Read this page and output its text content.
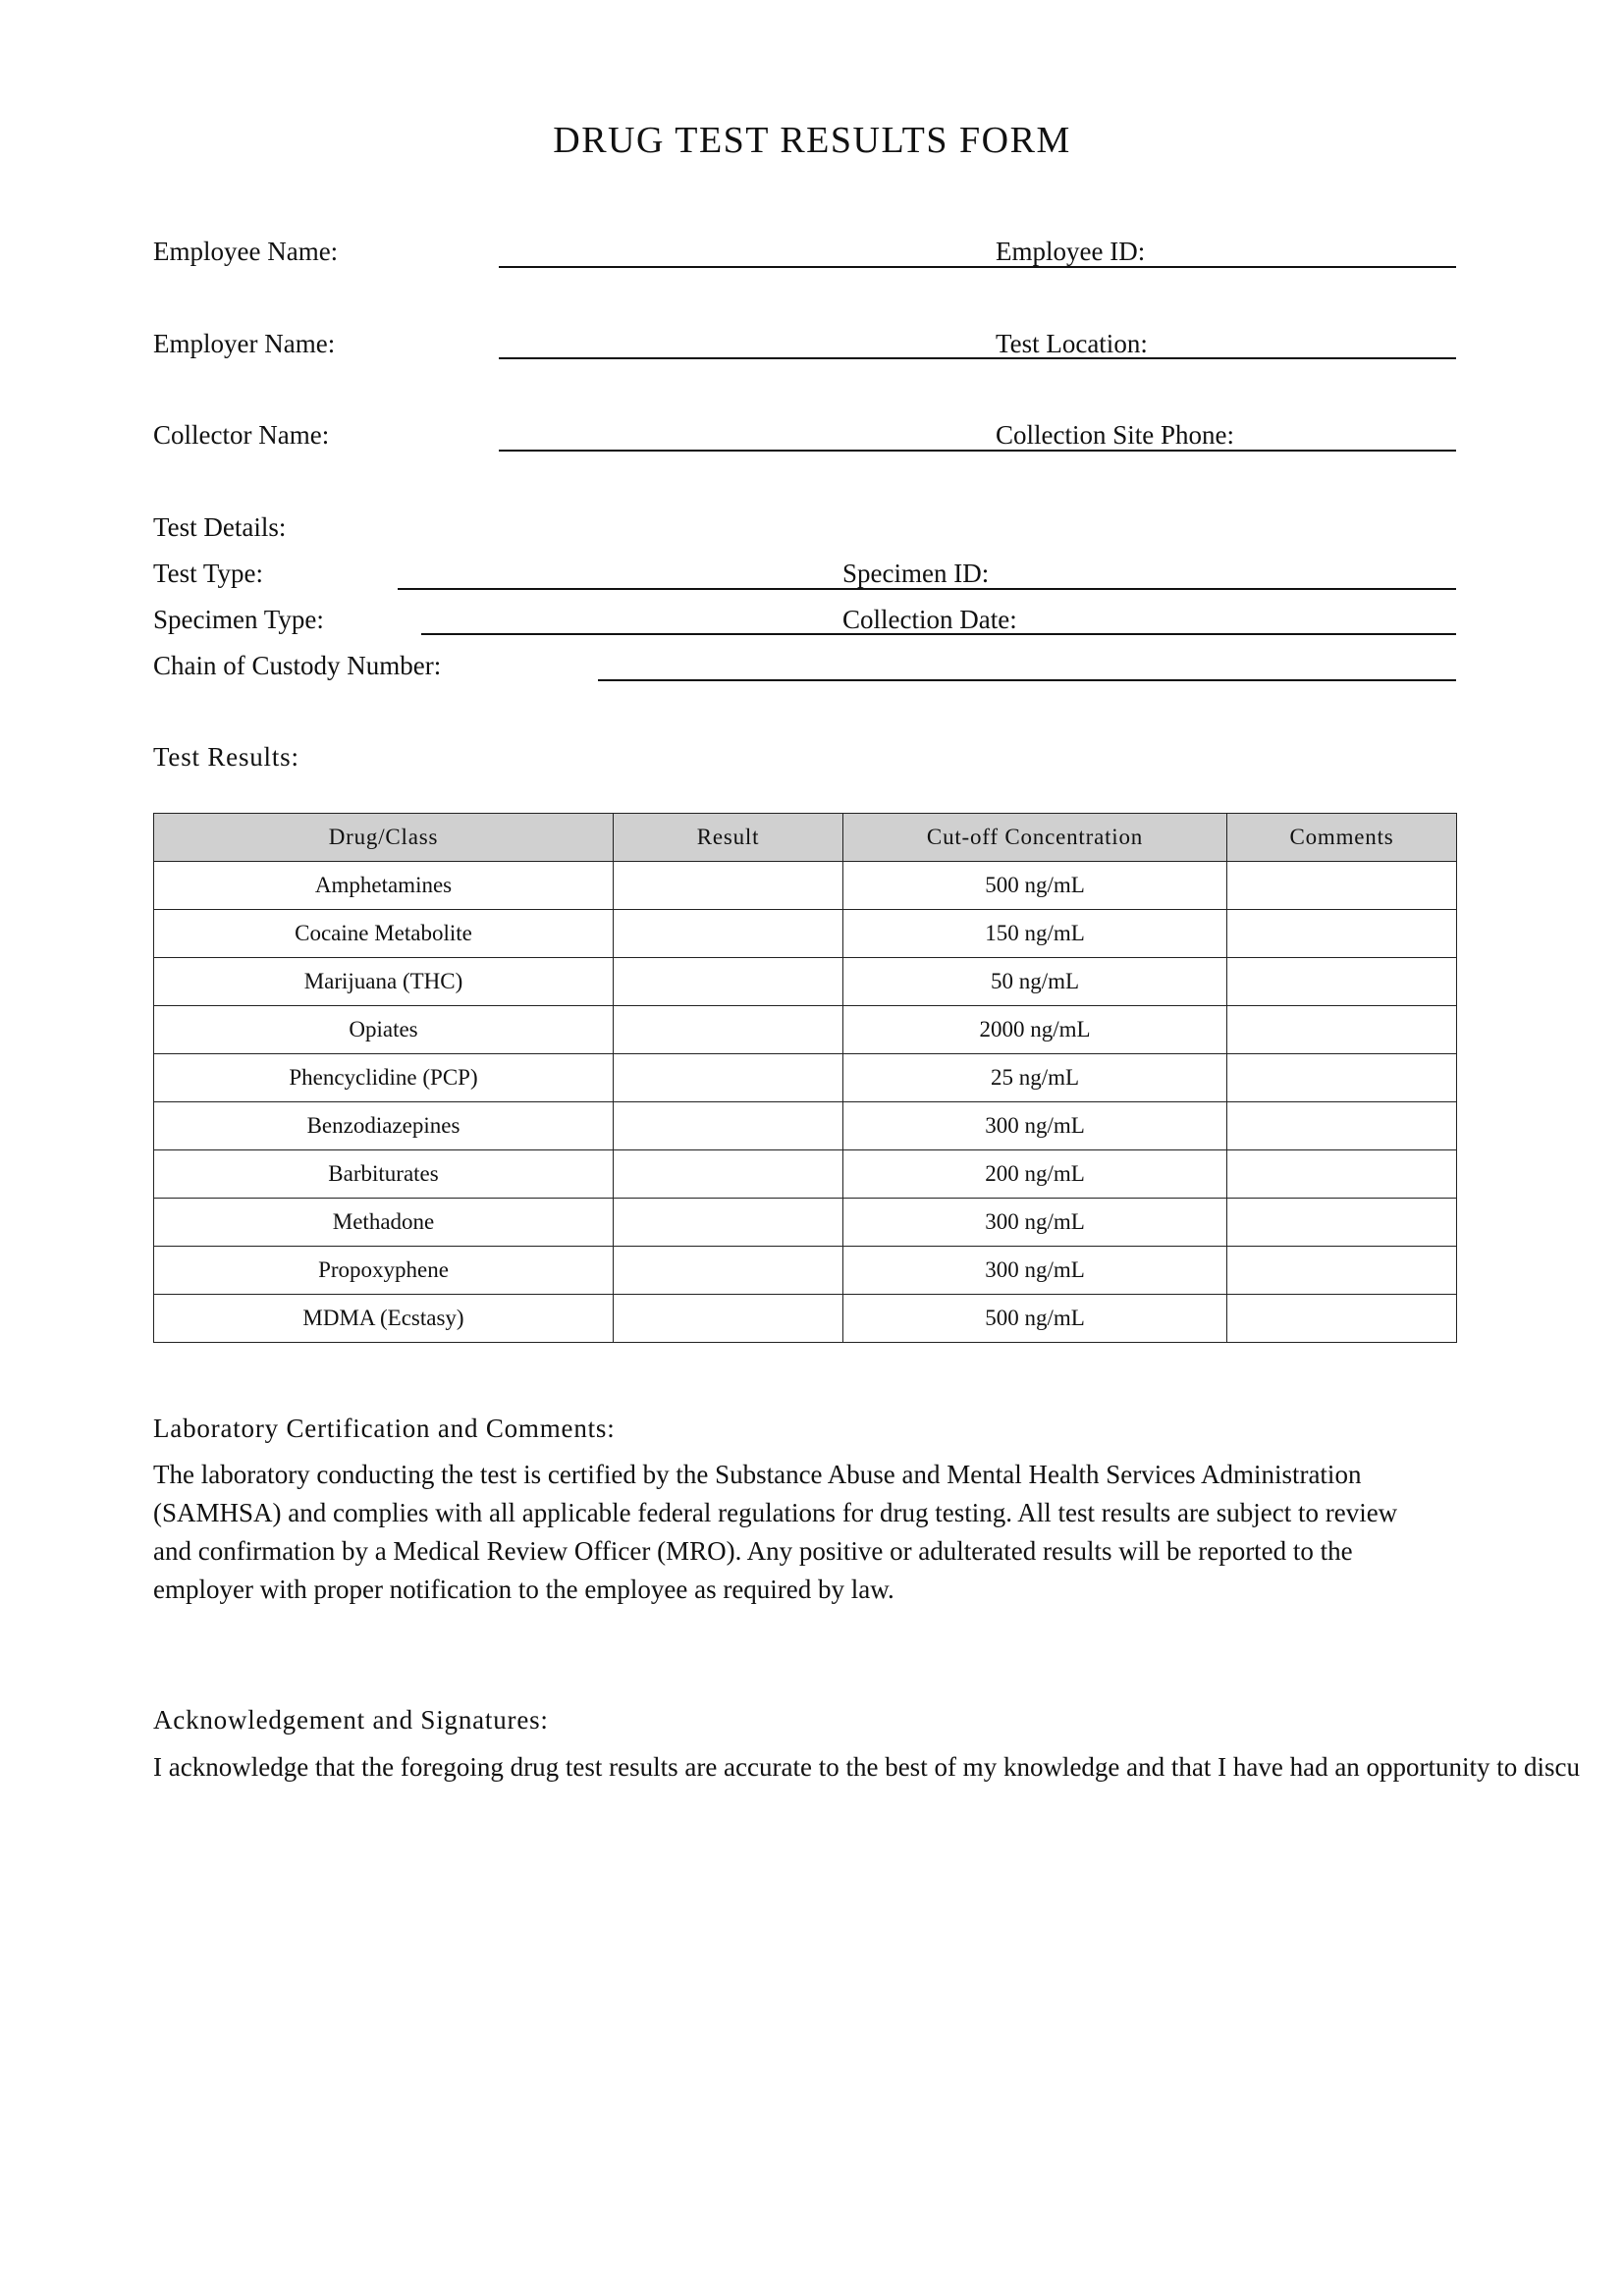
DRUG TEST RESULTS FORM
Employee Name:	Employee ID:
Employer Name:	Test Location:
Collector Name:	Collection Site Phone:
Test Details:
Test Type:	Specimen ID:
Specimen Type:	Collection Date:
Chain of Custody Number:
Test Results:
Drug/Class	Result	Cut-off Concentration	Comments
Amphetamines		500 ng/mL	
Cocaine Metabolite		150 ng/mL	
Marijuana (THC)		50 ng/mL	
Opiates		2000 ng/mL	
Phencyclidine (PCP)		25 ng/mL	
Benzodiazepines		300 ng/mL	
Barbiturates		200 ng/mL	
Methadone		300 ng/mL	
Propoxyphene		300 ng/mL	
MDMA (Ecstasy)		500 ng/mL	
Laboratory Certification and Comments:
The laboratory conducting the test is certified by the Substance Abuse and Mental Health Services Administration
(SAMHSA) and complies with all applicable federal regulations for drug testing. All test results are subject to review
and confirmation by a Medical Review Officer (MRO). Any positive or adulterated results will be reported to the
employer with proper notification to the employee as required by law.
Acknowledgement and Signatures:
I acknowledge that the foregoing drug test results are accurate to the best of my knowledge and that I have had an opportunity to discu
